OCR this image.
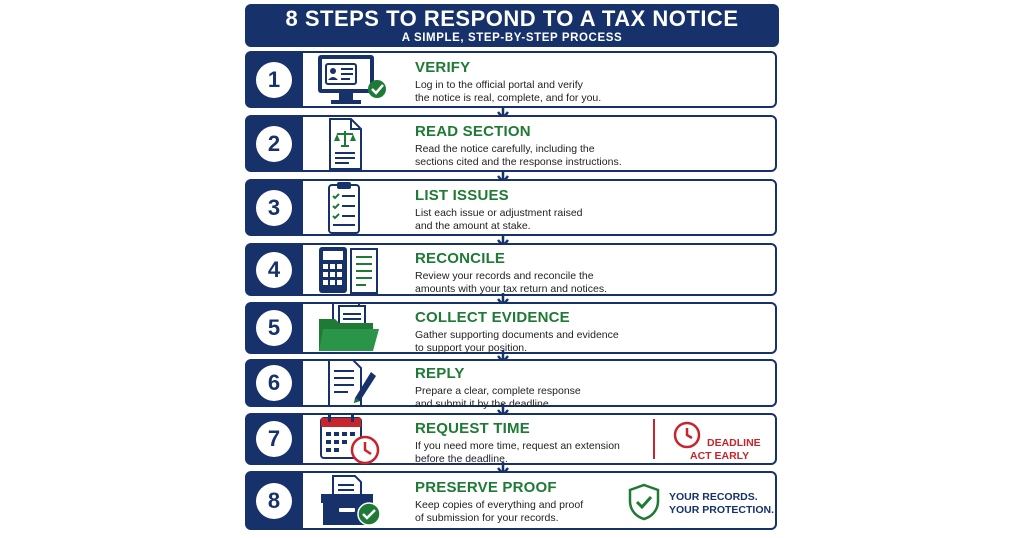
8 STEPS TO RESPOND TO A TAX NOTICE
A SIMPLE, STEP-BY-STEP PROCESS
1	VERIFY
Log in to the official portal and verify
the notice is real, complete, and for you.
2	READ SECTION
Read the notice carefully, including the
sections cited and the response instructions.
3	LIST ISSUES
List each issue or adjustment raised
and the amount at stake.
4	RECONCILE
Review your records and reconcile the
amounts with your tax return and notices.
5	COLLECT EVIDENCE
Gather supporting documents and evidence
to support your position.
6	REPLY
Prepare a clear, complete response
and submit it by the deadline.
7	REQUEST TIME
If you need more time, request an extension
before the deadline.
DEADLINE
ACT EARLY
8	PRESERVE PROOF
Keep copies of everything and proof
of submission for your records.
YOUR RECORDS.
YOUR PROTECTION.
